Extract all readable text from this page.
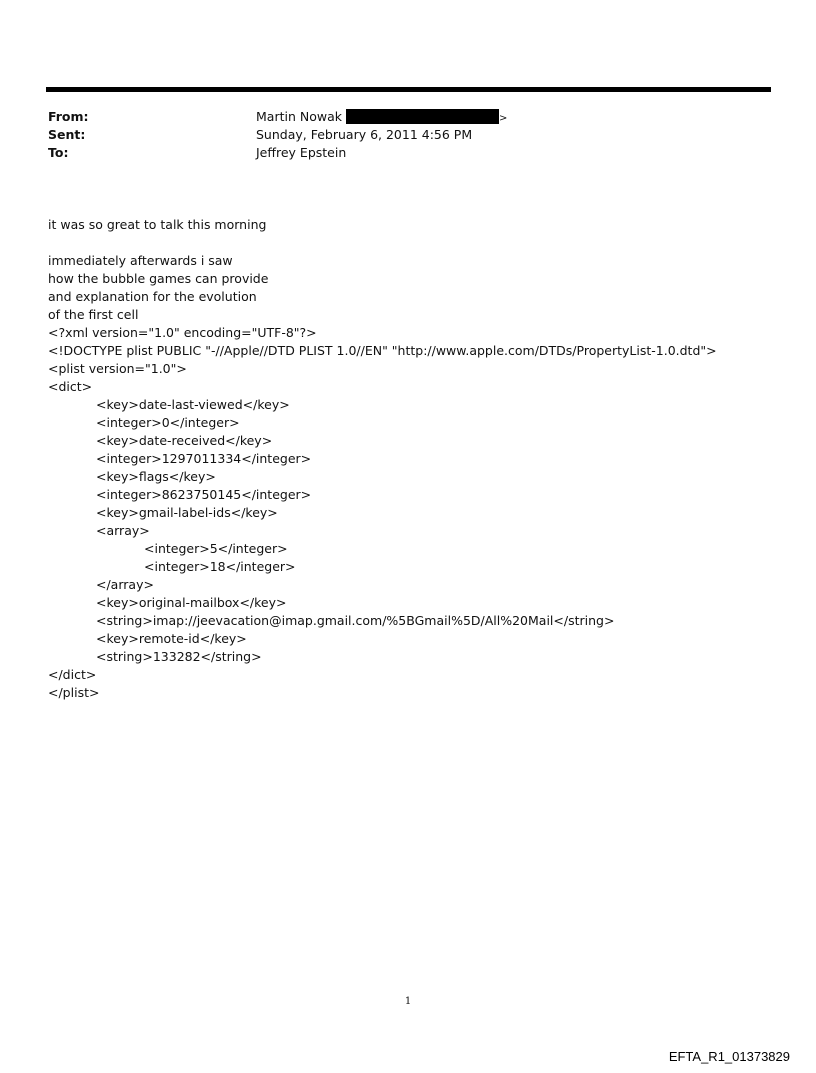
From:	Martin Nowak	>
Sent:	Sunday, February 6, 2011 4:56 PM
To:	Jeffrey Epstein
it was so great to talk this morning
immediately afterwards i saw
how the bubble games can provide
and explanation for the evolution
of the first cell
<?xml version="1.0" encoding="UTF-8"?>
<!DOCTYPE plist PUBLIC "-//Apple//DTD PLIST 1.0//EN" "http://www.apple.com/DTDs/PropertyList-1.0.dtd">
<plist version="1.0">
<dict>
<key>date-last-viewed</key>
<integer>0</integer>
<key>date-received</key>
<integer>1297011334</integer>
<key>flags</key>
<integer>8623750145</integer>
<key>gmail-label-ids</key>
<array>
<integer>5</integer>
<integer>18</integer>
</array>
<key>original-mailbox</key>
<string>imap://jeevacation@imap.gmail.com/%5BGmail%5D/All%20Mail</string>
<key>remote-id</key>
<string>133282</string>
</dict>
</plist>
1
EFTA_R1_01373829
